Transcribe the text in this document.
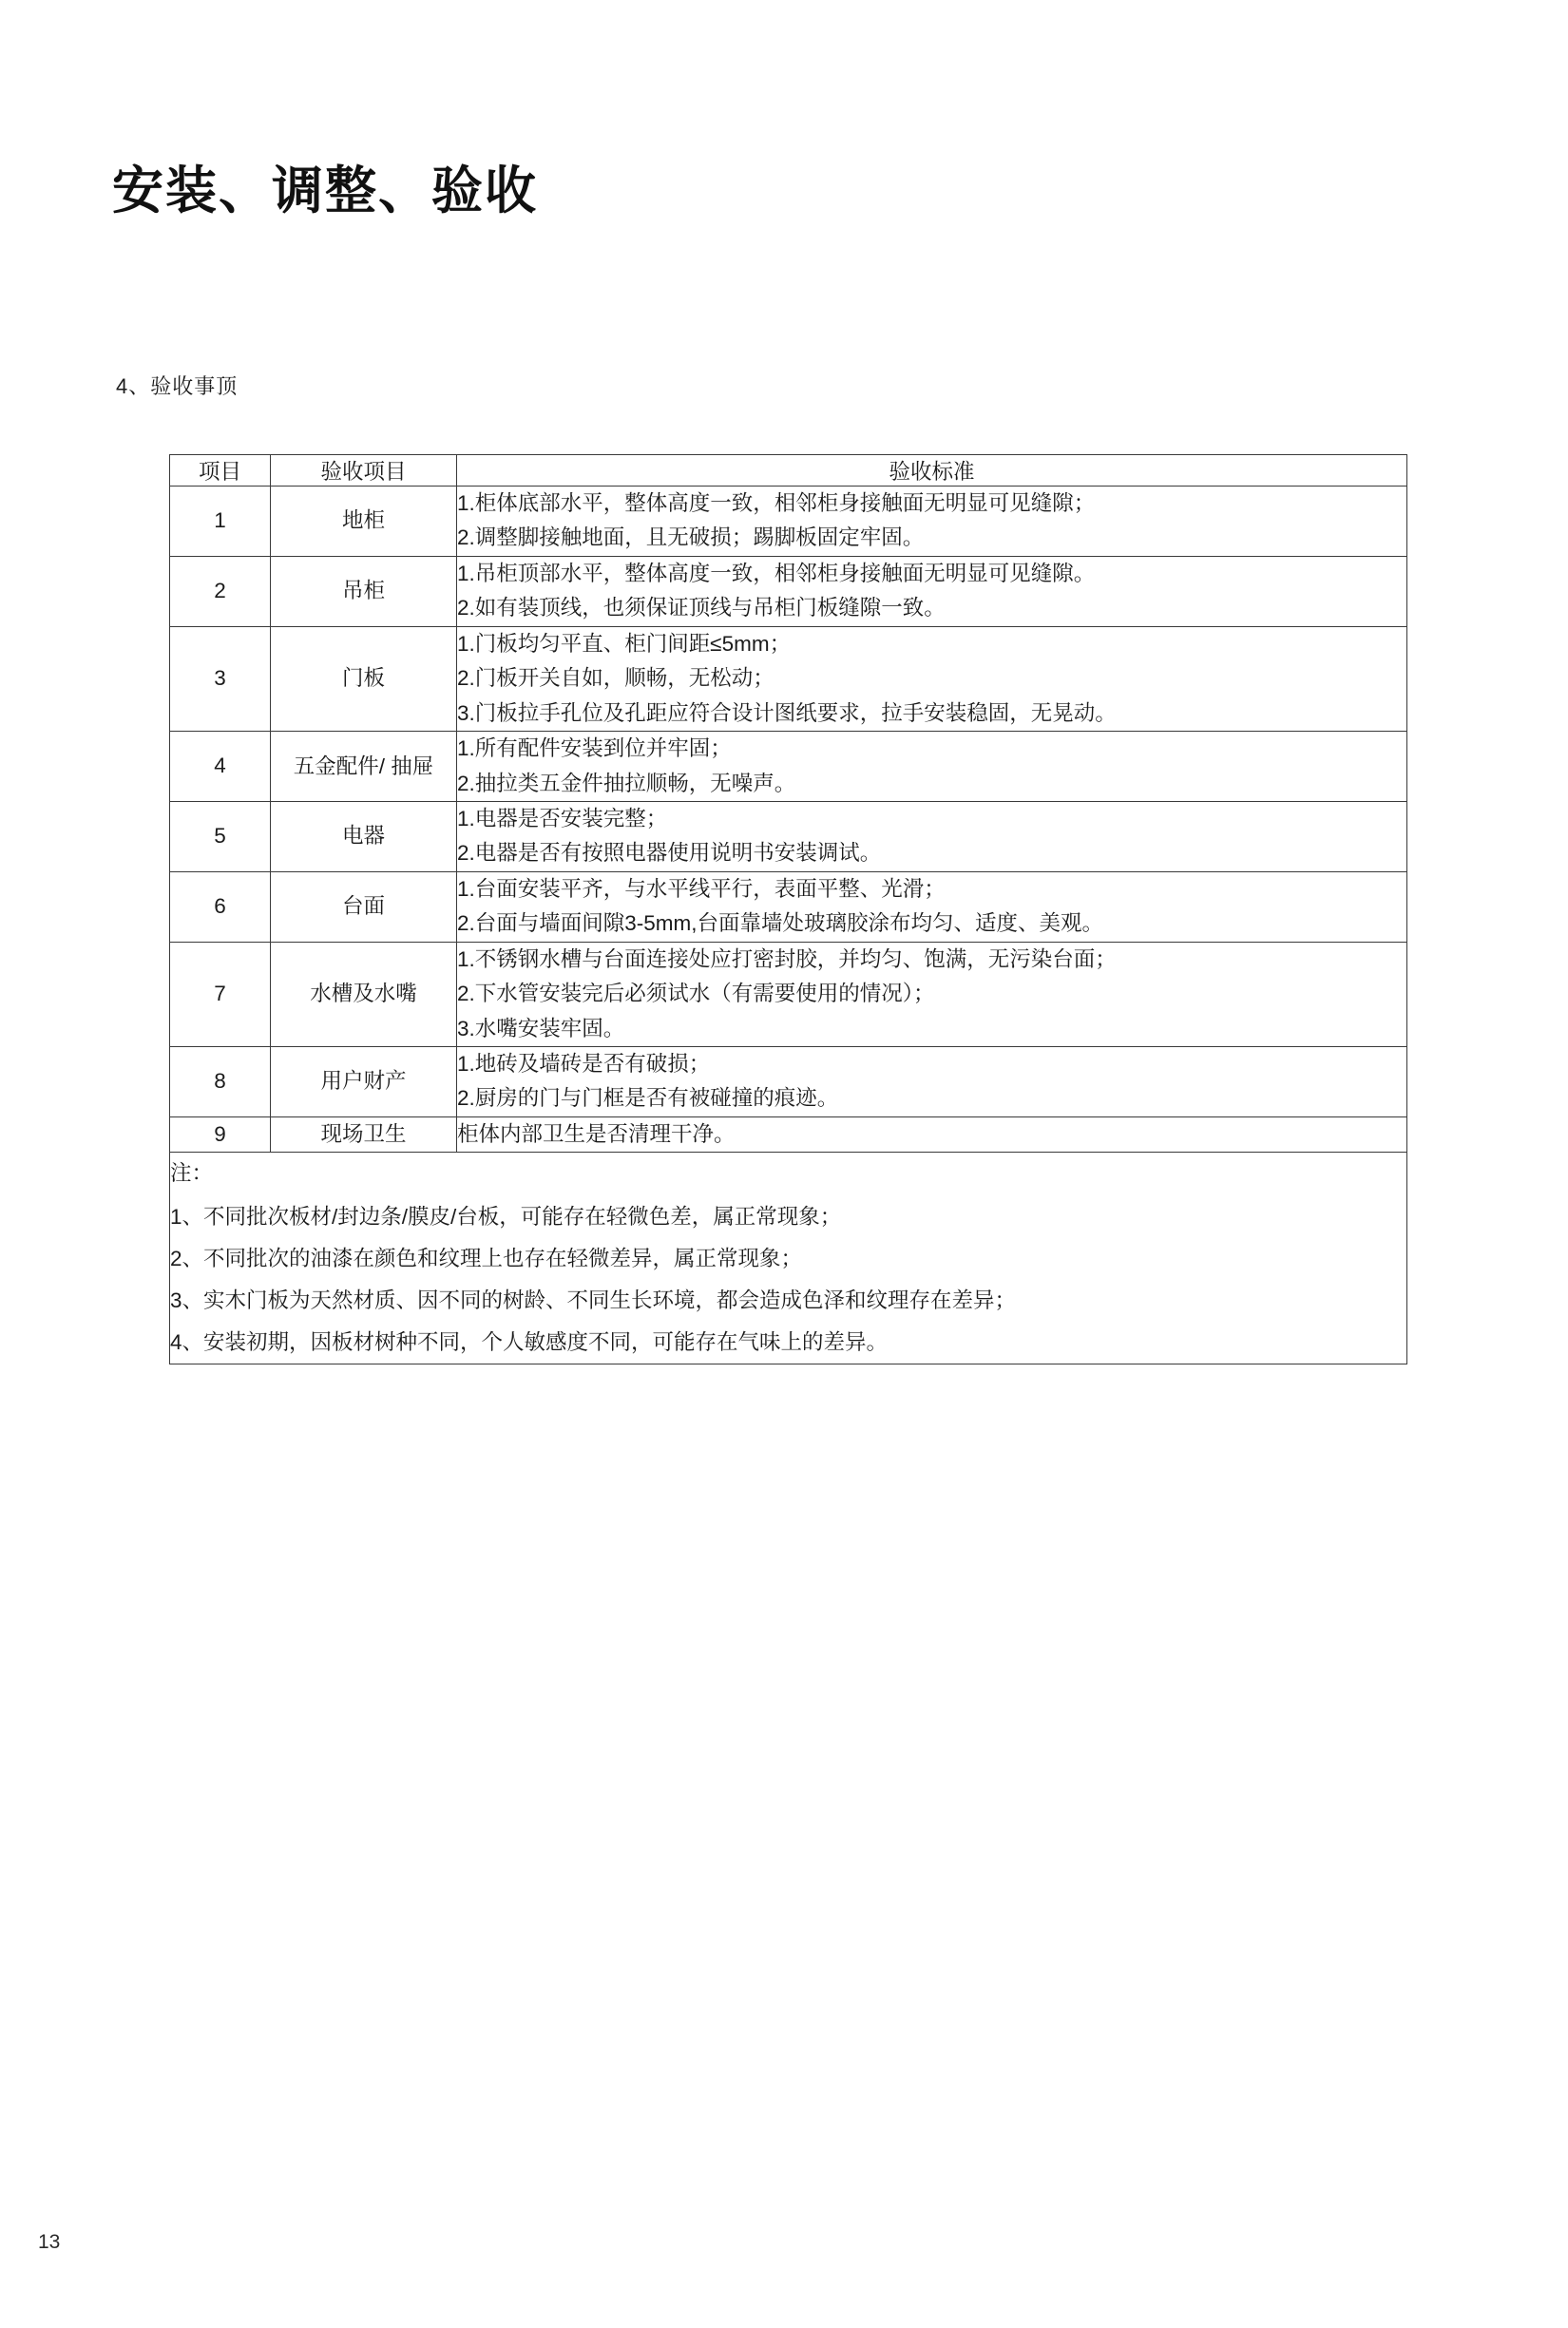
安装、调整、验收
4、验收事顶
项目	验收项目	验收标准
1	地柜	1.柜体底部水平，整体高度一致，相邻柜身接触面无明显可见缝隙；
2.调整脚接触地面，且无破损；踢脚板固定牢固。

2	吊柜	1.吊柜顶部水平，整体高度一致，相邻柜身接触面无明显可见缝隙。
2.如有装顶线，也须保证顶线与吊柜门板缝隙一致。

3	门板	1.门板均匀平直、柜门间距≤5mm；
2.门板开关自如，顺畅，无松动；
3.门板拉手孔位及孔距应符合设计图纸要求，拉手安装稳固，无晃动。

4	五金配件/ 抽屉	1.所有配件安装到位并牢固；
2.抽拉类五金件抽拉顺畅，无噪声。

5	电器	1.电器是否安装完整；
2.电器是否有按照电器使用说明书安装调试。

6	台面	1.台面安装平齐，与水平线平行，表面平整、光滑；
2.台面与墙面间隙3-5mm,台面靠墙处玻璃胶涂布均匀、适度、美观。

7	水槽及水嘴	1.不锈钢水槽与台面连接处应打密封胶，并均匀、饱满，无污染台面；
2.下水管安装完后必须试水（有需要使用的情况）；
3.水嘴安装牢固。

8	用户财产	1.地砖及墙砖是否有破损；
2.厨房的门与门框是否有被碰撞的痕迹。

9	现场卫生	柜体内部卫生是否清理干净。

注：
1、不同批次板材/封边条/膜皮/台板，可能存在轻微色差，属正常现象；
2、不同批次的油漆在颜色和纹理上也存在轻微差异，属正常现象；
3、实木门板为天然材质、因不同的树龄、不同生长环境，都会造成色泽和纹理存在差异；
4、安装初期，因板材树种不同，个人敏感度不同，可能存在气味上的差异。		
13
